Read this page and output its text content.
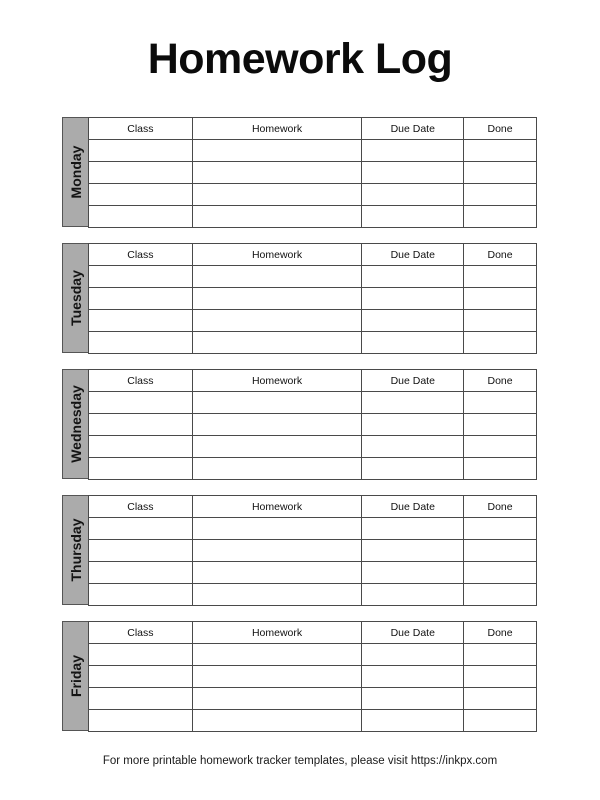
Homework Log
Monday
Class	Homework	Due Date	Done

Tuesday
Class	Homework	Due Date	Done

Wednesday
Class	Homework	Due Date	Done

Thursday
Class	Homework	Due Date	Done

Friday
Class	Homework	Due Date	Done

For more printable homework tracker templates, please visit https://inkpx.com
